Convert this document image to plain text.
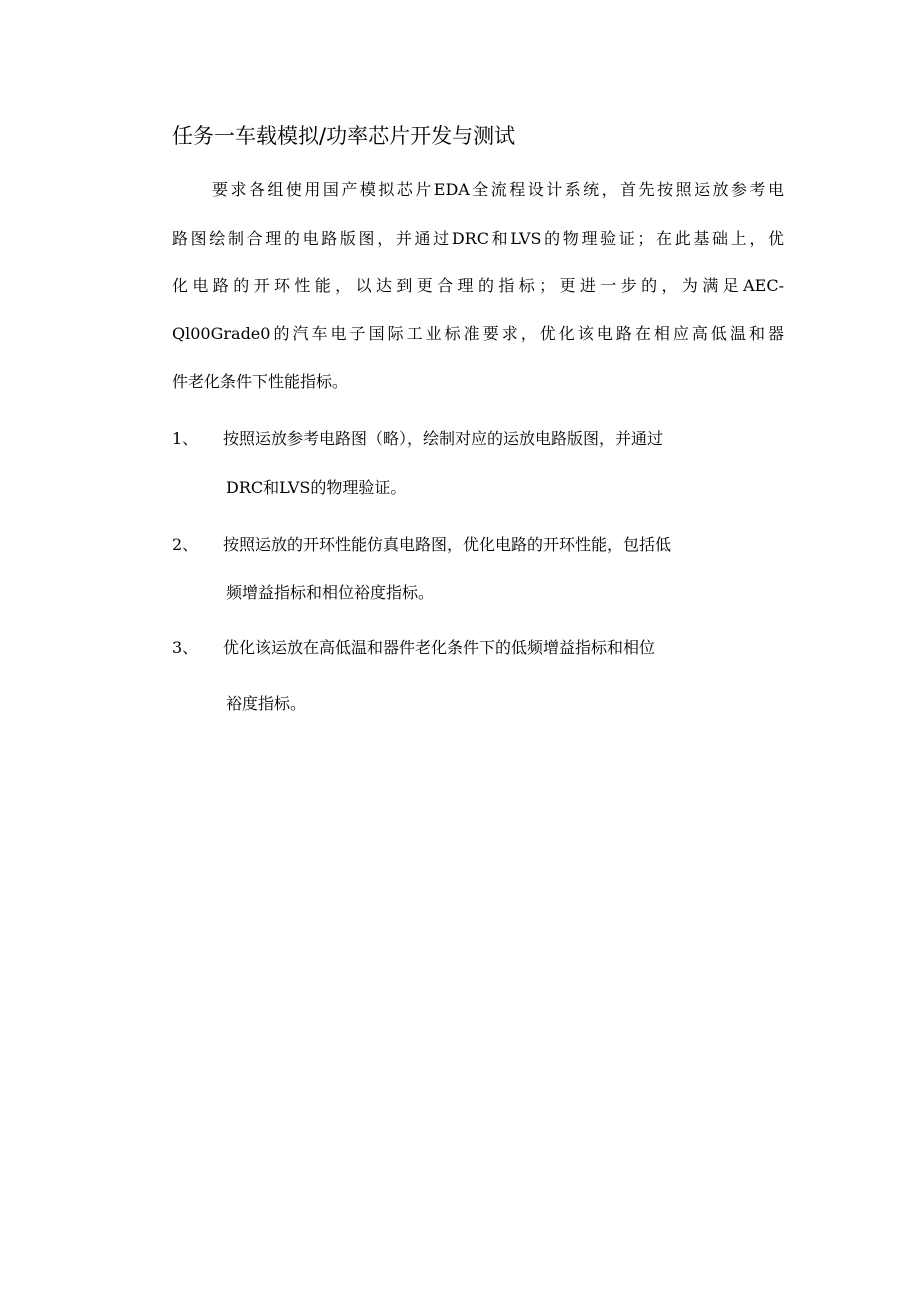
任务一车载模拟/功率芯片开发与测试
要求各组使用国产模拟芯片EDA全流程设计系统，首先按照运放参考电
路图绘制合理的电路版图，并通过DRC和LVS的物理验证；在此基础上，优
化电路的开环性能，以达到更合理的指标；更进一步的，为满足AEC-
Ql00Grade0的汽车电子国际工业标准要求，优化该电路在相应高低温和器
件老化条件下性能指标。
1、 按照运放参考电路图（略），绘制对应的运放电路版图，并通过
DRC和LVS的物理验证。
2、 按照运放的开环性能仿真电路图，优化电路的开环性能，包括低
频增益指标和相位裕度指标。
3、 优化该运放在高低温和器件老化条件下的低频增益指标和相位
裕度指标。
